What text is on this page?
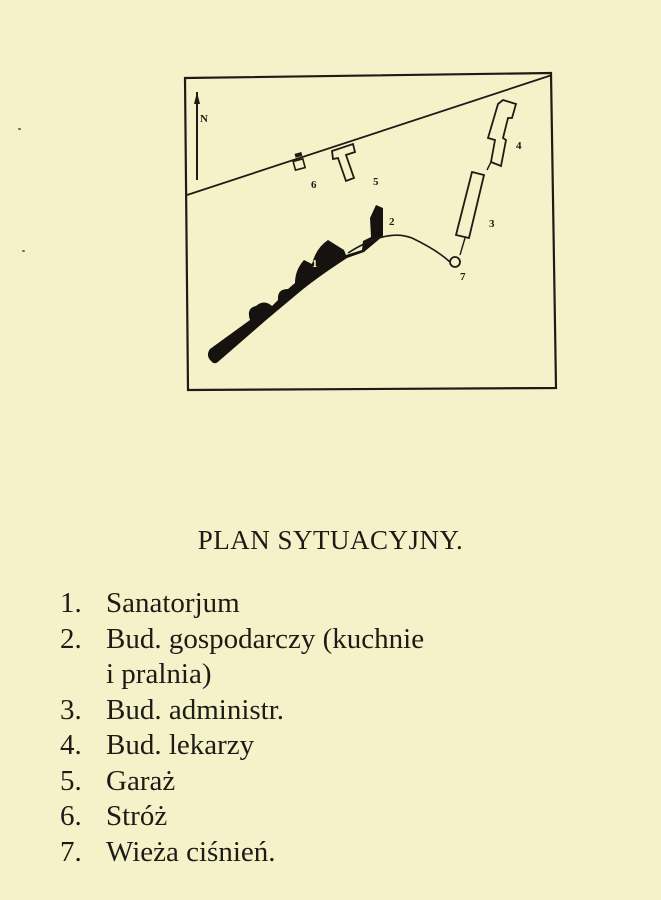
N
1
2
7
3
4
5
6
PLAN SYTUACYJNY.
1. Sanatorjum
2. Bud. gospodarczy (kuchnie
i pralnia)
3. Bud. administr.
4. Bud. lekarzy
5. Garaż
6. Stróż
7. Wieża ciśnień.
